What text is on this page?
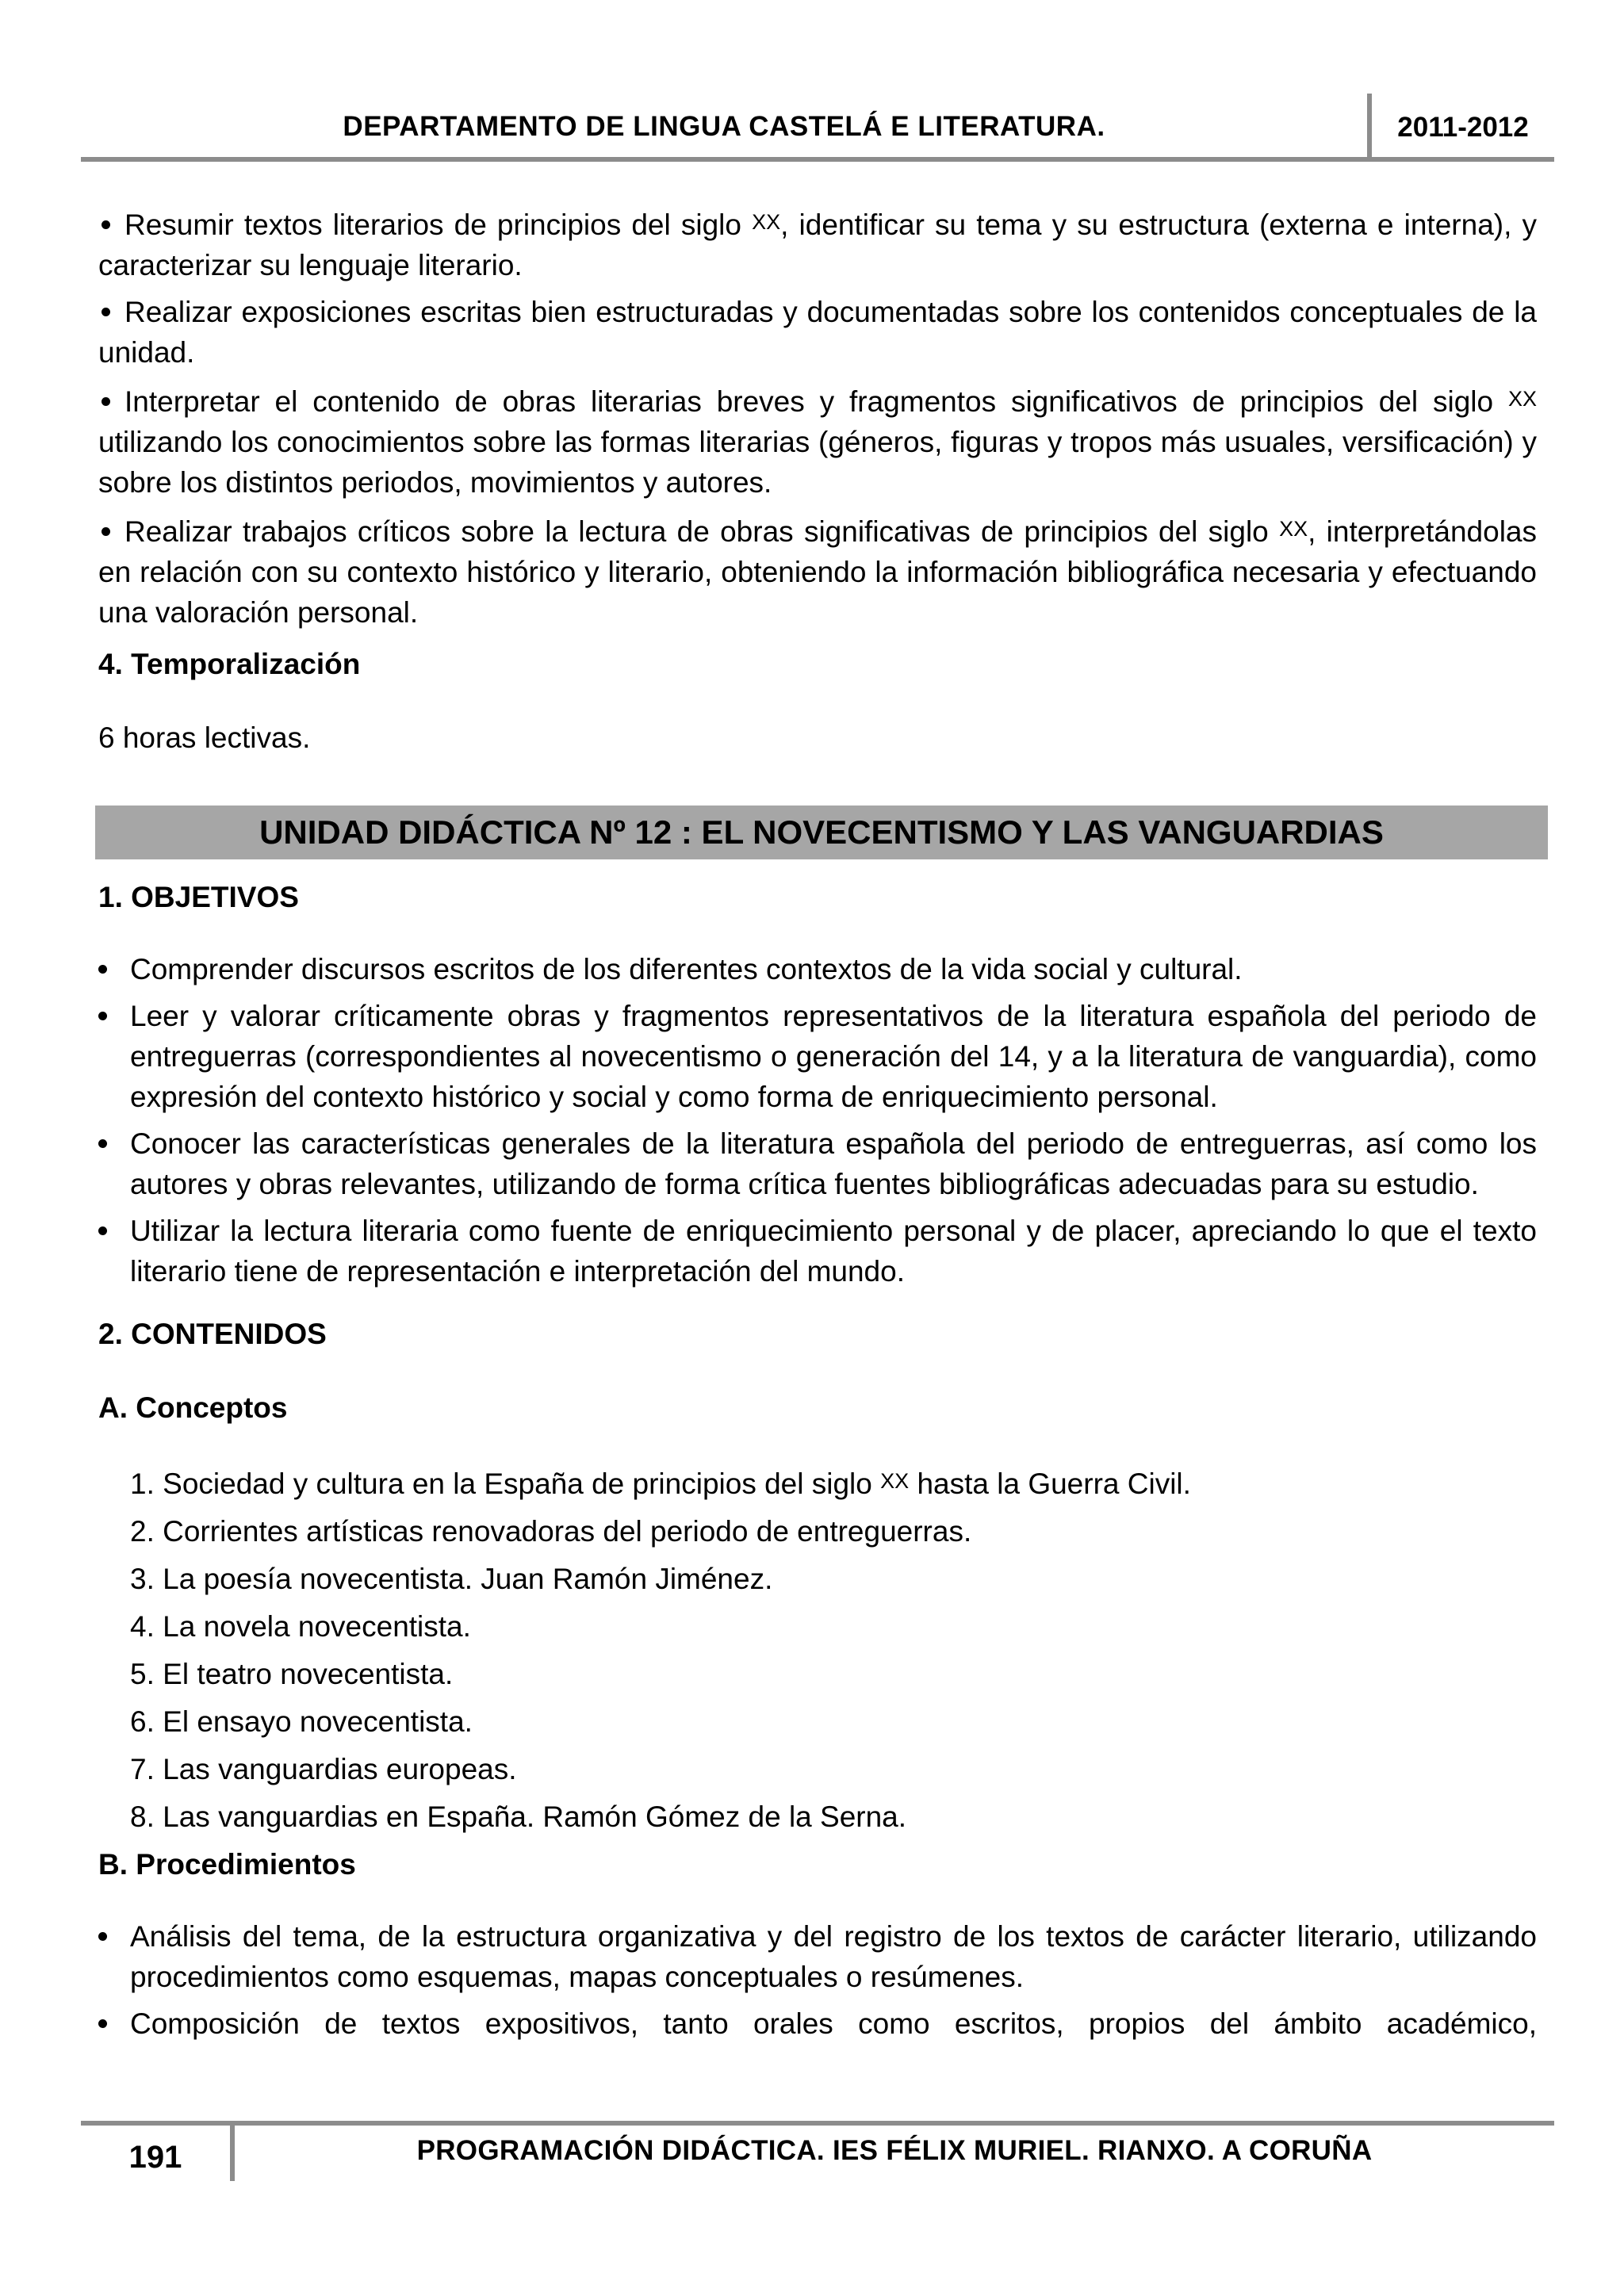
DEPARTAMENTO DE LINGUA CASTELÁ E LITERATURA.	2011-2012

Resumir textos literarios de principios del siglo XX, identificar su tema y su estructura (externa e interna), y caracterizar su lenguaje literario.

Realizar exposiciones escritas bien estructuradas y documentadas sobre los contenidos conceptuales de la unidad.

Interpretar el contenido de obras literarias breves y fragmentos significativos de principios del siglo XX utilizando los conocimientos sobre las formas literarias (géneros, figuras y tropos más usuales, versificación) y sobre los distintos periodos, movimientos y autores.

Realizar trabajos críticos sobre la lectura de obras significativas de principios del siglo XX, interpretándolas en relación con su contexto histórico y literario, obteniendo la información bibliográfica necesaria y efectuando una valoración personal.

4. Temporalización

6 horas lectivas.

UNIDAD DIDÁCTICA Nº 12 : EL NOVECENTISMO Y LAS VANGUARDIAS

1. OBJETIVOS

Comprender discursos escritos de los diferentes contextos de la vida social y cultural.
Leer y valorar críticamente obras y fragmentos representativos de la literatura española del periodo de entreguerras (correspondientes al novecentismo o generación del 14, y a la literatura de vanguardia), como expresión del contexto histórico y social y como forma de enriquecimiento personal.
Conocer las características generales de la literatura española del periodo de entreguerras, así como los autores y obras relevantes, utilizando de forma crítica fuentes bibliográficas adecuadas para su estudio.
Utilizar la lectura literaria como fuente de enriquecimiento personal y de placer, apreciando lo que el texto literario tiene de representación e interpretación del mundo.

2. CONTENIDOS

A. Conceptos

1. Sociedad y cultura en la España de principios del siglo XX hasta la Guerra Civil.
2. Corrientes artísticas renovadoras del periodo de entreguerras.
3. La poesía novecentista. Juan Ramón Jiménez.
4. La novela novecentista.
5. El teatro novecentista.
6. El ensayo novecentista.
7. Las vanguardias europeas.
8. Las vanguardias en España. Ramón Gómez de la Serna.

B. Procedimientos

Análisis del tema, de la estructura organizativa y del registro de los textos de carácter literario, utilizando procedimientos como esquemas, mapas conceptuales o resúmenes.
Composición de textos expositivos, tanto orales como escritos, propios del ámbito académico,
191	PROGRAMACIÓN DIDÁCTICA. IES FÉLIX MURIEL. RIANXO. A CORUÑA
